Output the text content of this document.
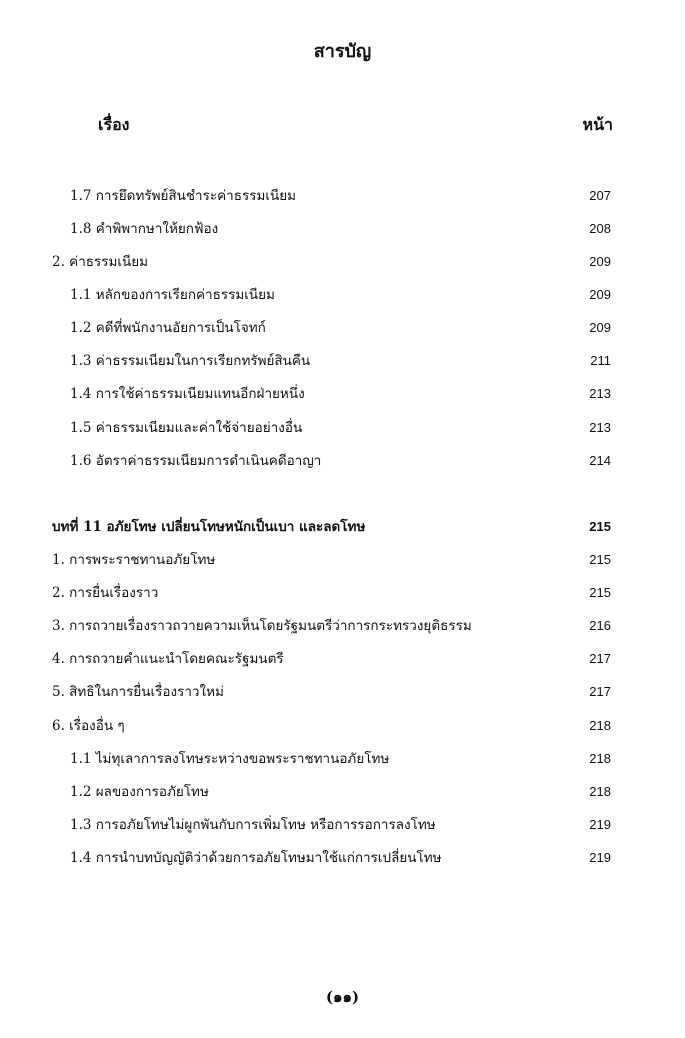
สารบัญ
เรื่อง	หน้า
1.7 การยึดทรัพย์สินชำระค่าธรรมเนียม	207
1.8 คำพิพากษาให้ยกฟ้อง	208
2. ค่าธรรมเนียม	209
1.1 หลักของการเรียกค่าธรรมเนียม	209
1.2 คดีที่พนักงานอัยการเป็นโจทก์	209
1.3 ค่าธรรมเนียมในการเรียกทรัพย์สินคืน	211
1.4 การใช้ค่าธรรมเนียมแทนอีกฝ่ายหนึ่ง	213
1.5 ค่าธรรมเนียมและค่าใช้จ่ายอย่างอื่น	213
1.6 อัตราค่าธรรมเนียมการดำเนินคดีอาญา	214
บทที่ 11 อภัยโทษ เปลี่ยนโทษหนักเป็นเบา และลดโทษ	215
1. การพระราชทานอภัยโทษ	215
2. การยื่นเรื่องราว	215
3. การถวายเรื่องราวถวายความเห็นโดยรัฐมนตรีว่าการกระทรวงยุติธรรม	216
4. การถวายคำแนะนำโดยคณะรัฐมนตรี	217
5. สิทธิในการยื่นเรื่องราวใหม่	217
6. เรื่องอื่น ๆ	218
1.1 ไม่ทุเลาการลงโทษระหว่างขอพระราชทานอภัยโทษ	218
1.2 ผลของการอภัยโทษ	218
1.3 การอภัยโทษไม่ผูกพันกับการเพิ่มโทษ หรือการรอการลงโทษ	219
1.4 การนำบทบัญญัติว่าด้วยการอภัยโทษมาใช้แก่การเปลี่ยนโทษ	219
(๑๑)
